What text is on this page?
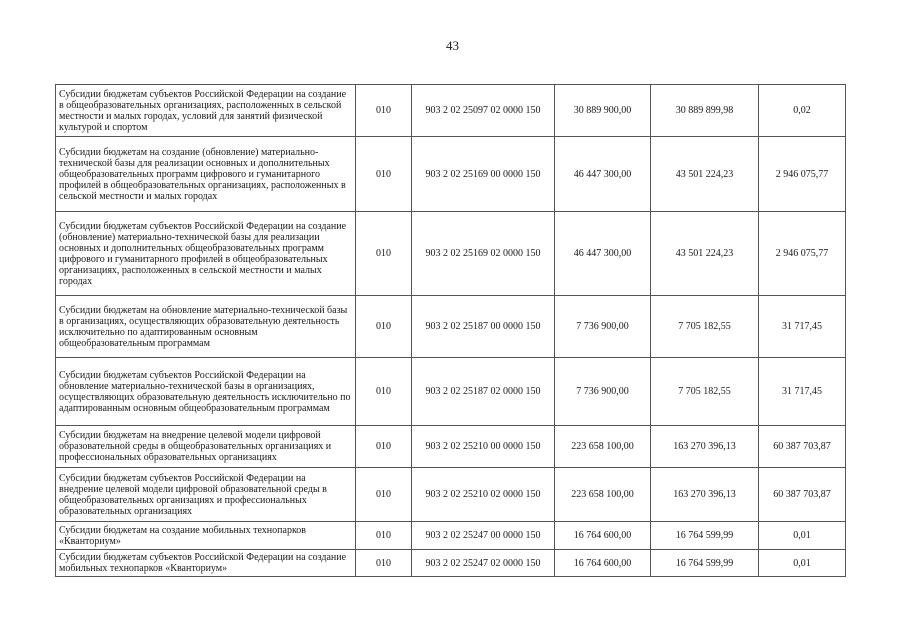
43
Субсидии бюджетам субъектов Российской Федерации на создание в общеобразовательных организациях, расположенных в сельской местности и малых городах, условий для занятий физической культурой и спортом	010	903 2 02 25097 02 0000 150	30 889 900,00	30 889 899,98	0,02
Субсидии бюджетам на создание (обновление) материально-технической базы для реализации основных и дополнительных общеобразовательных программ цифрового и гуманитарного профилей в общеобразовательных организациях, расположенных в сельской местности и малых городах	010	903 2 02 25169 00 0000 150	46 447 300,00	43 501 224,23	2 946 075,77
Субсидии бюджетам субъектов Российской Федерации на создание (обновление) материально-технической базы для реализации основных и дополнительных общеобразовательных программ цифрового и гуманитарного профилей в общеобразовательных организациях, расположенных в сельской местности и малых городах	010	903 2 02 25169 02 0000 150	46 447 300,00	43 501 224,23	2 946 075,77
Субсидии бюджетам на обновление материально-технической базы в организациях, осуществляющих образовательную деятельность исключительно по адаптированным основным общеобразовательным программам	010	903 2 02 25187 00 0000 150	7 736 900,00	7 705 182,55	31 717,45
Субсидии бюджетам субъектов Российской Федерации на обновление материально-технической базы в организациях, осуществляющих образовательную деятельность исключительно по адаптированным основным общеобразовательным программам	010	903 2 02 25187 02 0000 150	7 736 900,00	7 705 182,55	31 717,45
Субсидии бюджетам на внедрение целевой модели цифровой образовательной среды в общеобразовательных организациях и профессиональных образовательных организациях	010	903 2 02 25210 00 0000 150	223 658 100,00	163 270 396,13	60 387 703,87
Субсидии бюджетам субъектов Российской Федерации на внедрение целевой модели цифровой образовательной среды в общеобразовательных организациях и профессиональных образовательных организациях	010	903 2 02 25210 02 0000 150	223 658 100,00	163 270 396,13	60 387 703,87
Субсидии бюджетам на создание мобильных технопарков «Кванториум»	010	903 2 02 25247 00 0000 150	16 764 600,00	16 764 599,99	0,01
Субсидии бюджетам субъектов Российской Федерации на создание мобильных технопарков «Кванториум»	010	903 2 02 25247 02 0000 150	16 764 600,00	16 764 599,99	0,01
